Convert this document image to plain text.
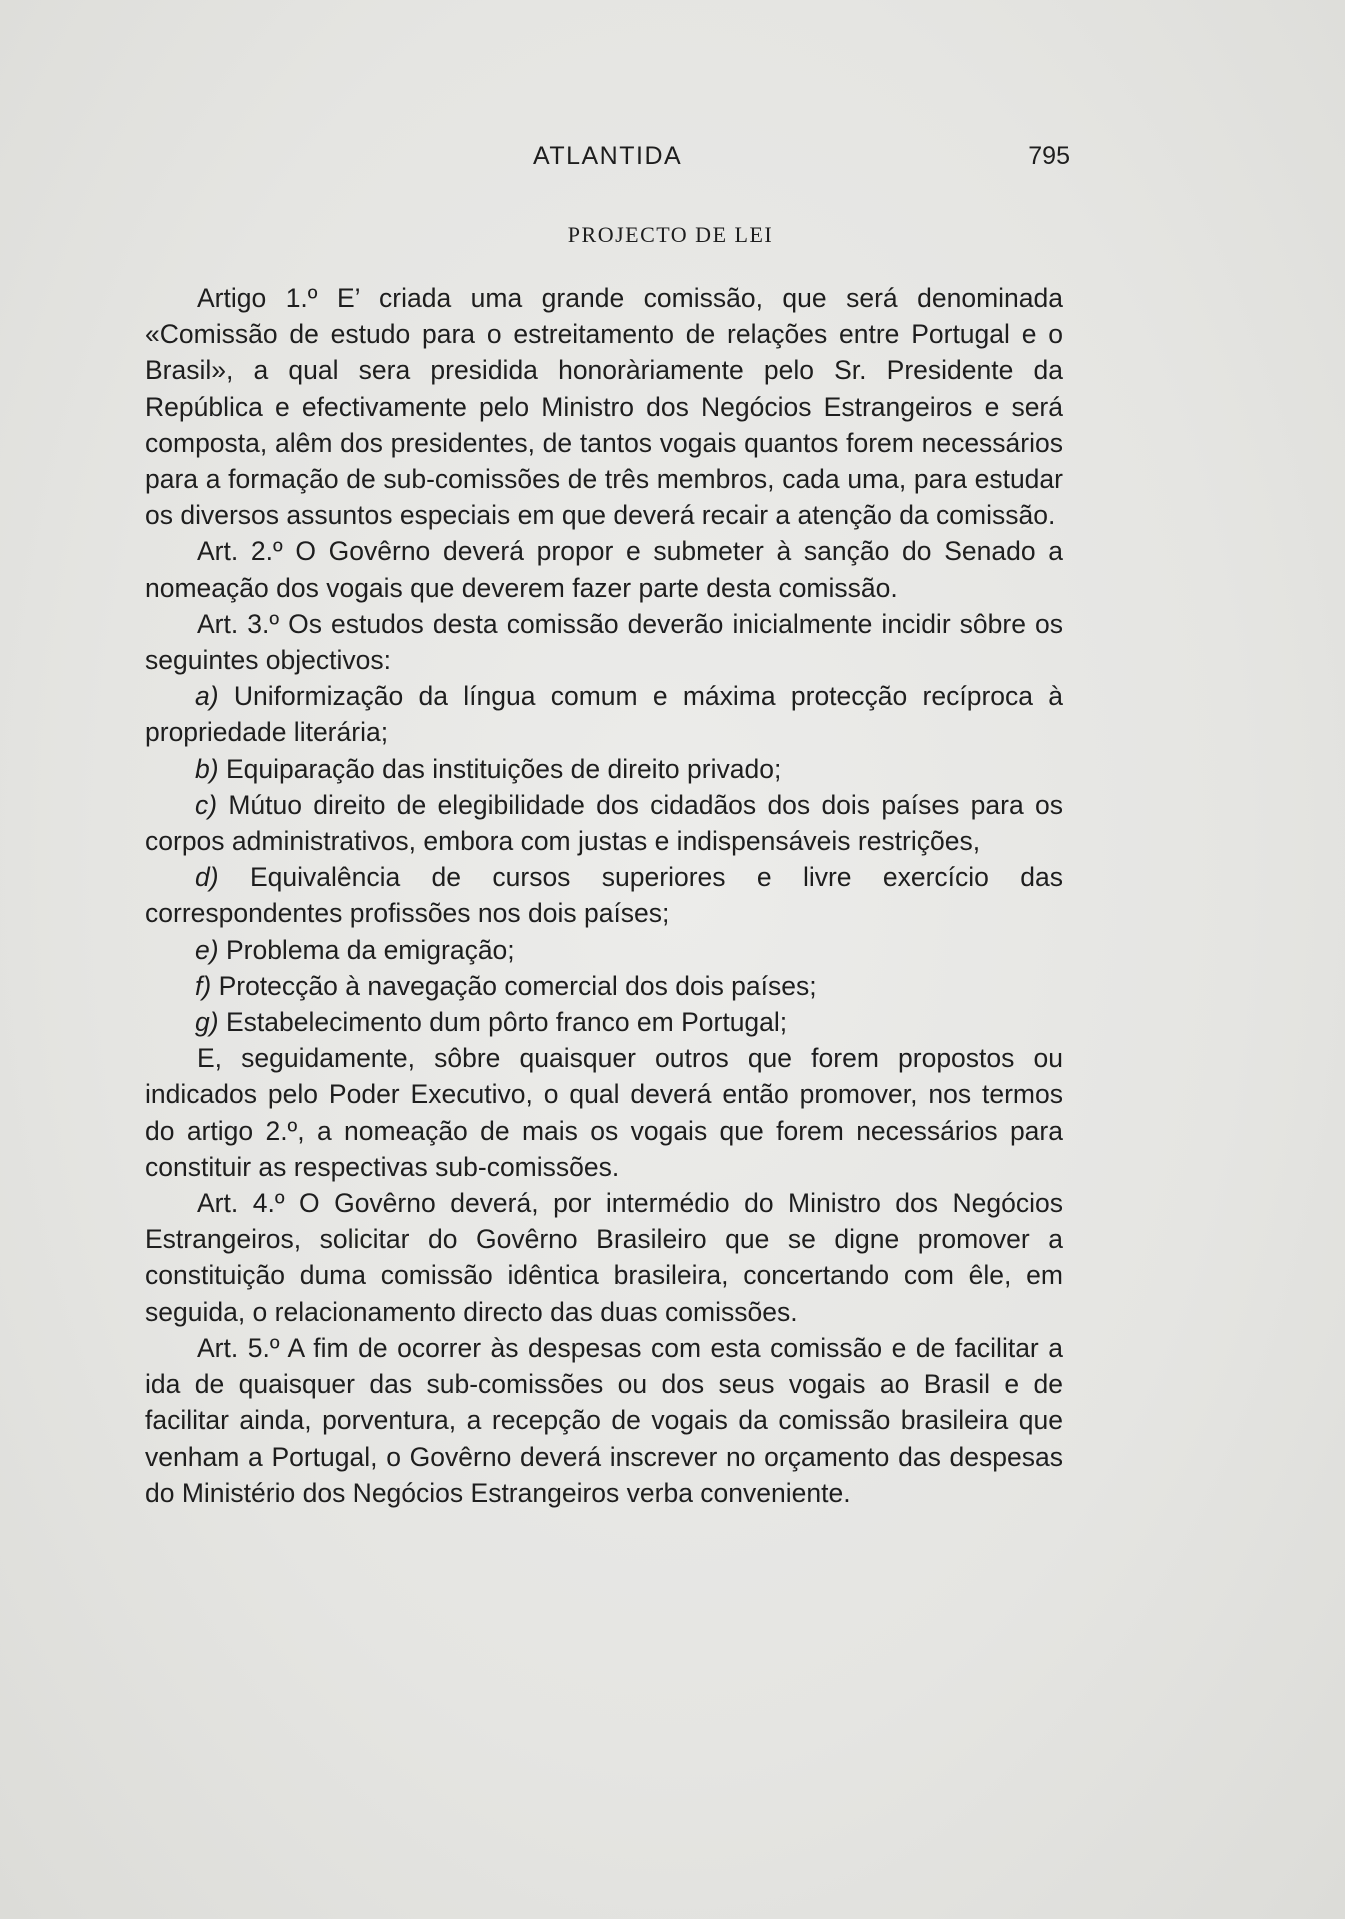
ATLANTIDA	795
PROJECTO DE LEI

Artigo 1.º E’ criada uma grande comissão, que será denominada «Comissão de estudo para o estreitamento de relações entre Portugal e o Brasil», a qual sera presidida honoràriamente pelo Sr. Presidente da República e efectivamente pelo Ministro dos Negócios Estrangeiros e será composta, alêm dos presidentes, de tantos vogais quantos forem necessários para a formação de sub-comissões de três membros, cada uma, para estudar os diversos assuntos especiais em que deverá recair a atenção da comissão.

Art. 2.º O Govêrno deverá propor e submeter à sanção do Senado a nomeação dos vogais que deverem fazer parte desta comissão.

Art. 3.º Os estudos desta comissão deverão inicialmente incidir sôbre os seguintes objectivos:

a) Uniformização da língua comum e máxima protecção recíproca à propriedade literária;

b) Equiparação das instituições de direito privado;

c) Mútuo direito de elegibilidade dos cidadãos dos dois países para os corpos administrativos, embora com justas e indispensáveis restrições,

d) Equivalência de cursos superiores e livre exercício das correspondentes profissões nos dois países;

e) Problema da emigração;

f) Protecção à navegação comercial dos dois países;

g) Estabelecimento dum pôrto franco em Portugal;

E, seguidamente, sôbre quaisquer outros que forem propostos ou indicados pelo Poder Executivo, o qual deverá então promover, nos termos do artigo 2.º, a nomeação de mais os vogais que forem necessários para constituir as respectivas sub-comissões.

Art. 4.º O Govêrno deverá, por intermédio do Ministro dos Negócios Estrangeiros, solicitar do Govêrno Brasileiro que se digne promover a constituição duma comissão idêntica brasileira, concertando com êle, em seguida, o relacionamento directo das duas comissões.

Art. 5.º A fim de ocorrer às despesas com esta comissão e de facilitar a ida de quaisquer das sub-comissões ou dos seus vogais ao Brasil e de facilitar ainda, porventura, a recepção de vogais da comissão brasileira que venham a Portugal, o Govêrno deverá inscrever no orçamento das despesas do Ministério dos Negócios Estrangeiros verba conveniente.
